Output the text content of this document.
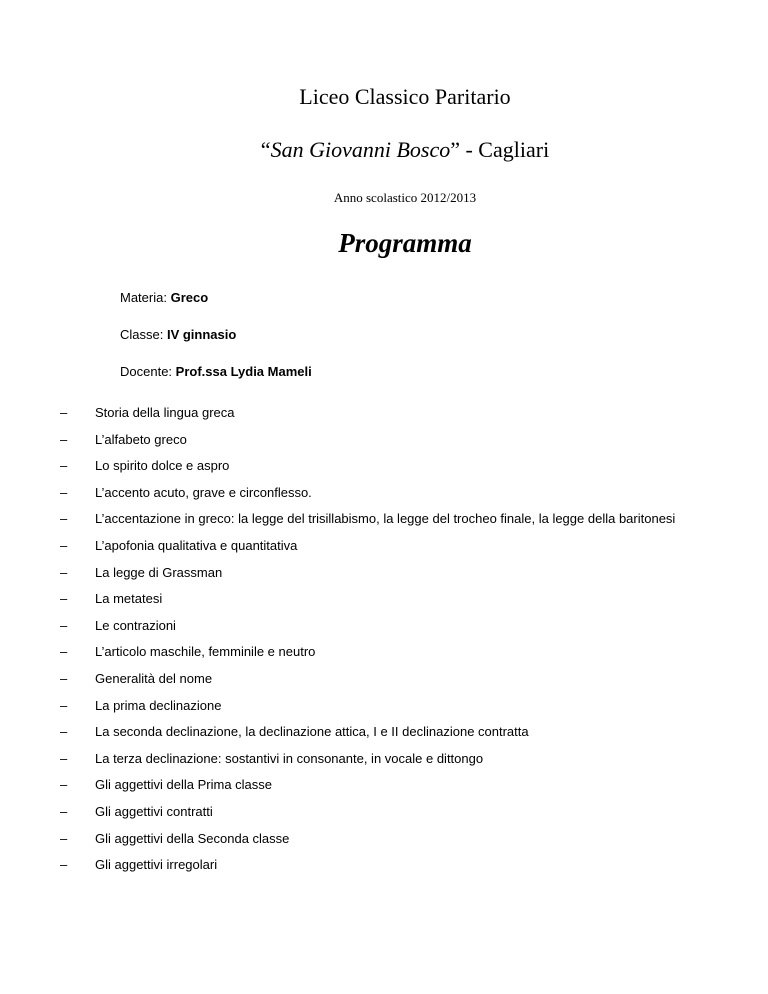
Liceo Classico Paritario
“San Giovanni Bosco” - Cagliari
Anno scolastico 2012/2013
Programma
Materia: Greco
Classe: IV ginnasio
Docente: Prof.ssa Lydia Mameli
– Storia della lingua greca
– L’alfabeto greco
– Lo spirito dolce e aspro
– L’accento acuto, grave e circonflesso.
– L’accentazione in greco: la legge del trisillabismo, la legge del trocheo finale, la legge della baritonesi
– L’apofonia qualitativa e quantitativa
– La legge di Grassman
– La metatesi
– Le contrazioni
– L’articolo maschile, femminile e neutro
– Generalità del nome
– La prima declinazione
– La seconda declinazione, la declinazione attica, I e II declinazione contratta
– La terza declinazione: sostantivi in consonante, in vocale e dittongo
– Gli aggettivi della Prima classe
– Gli aggettivi contratti
– Gli aggettivi della Seconda classe
– Gli aggettivi irregolari
